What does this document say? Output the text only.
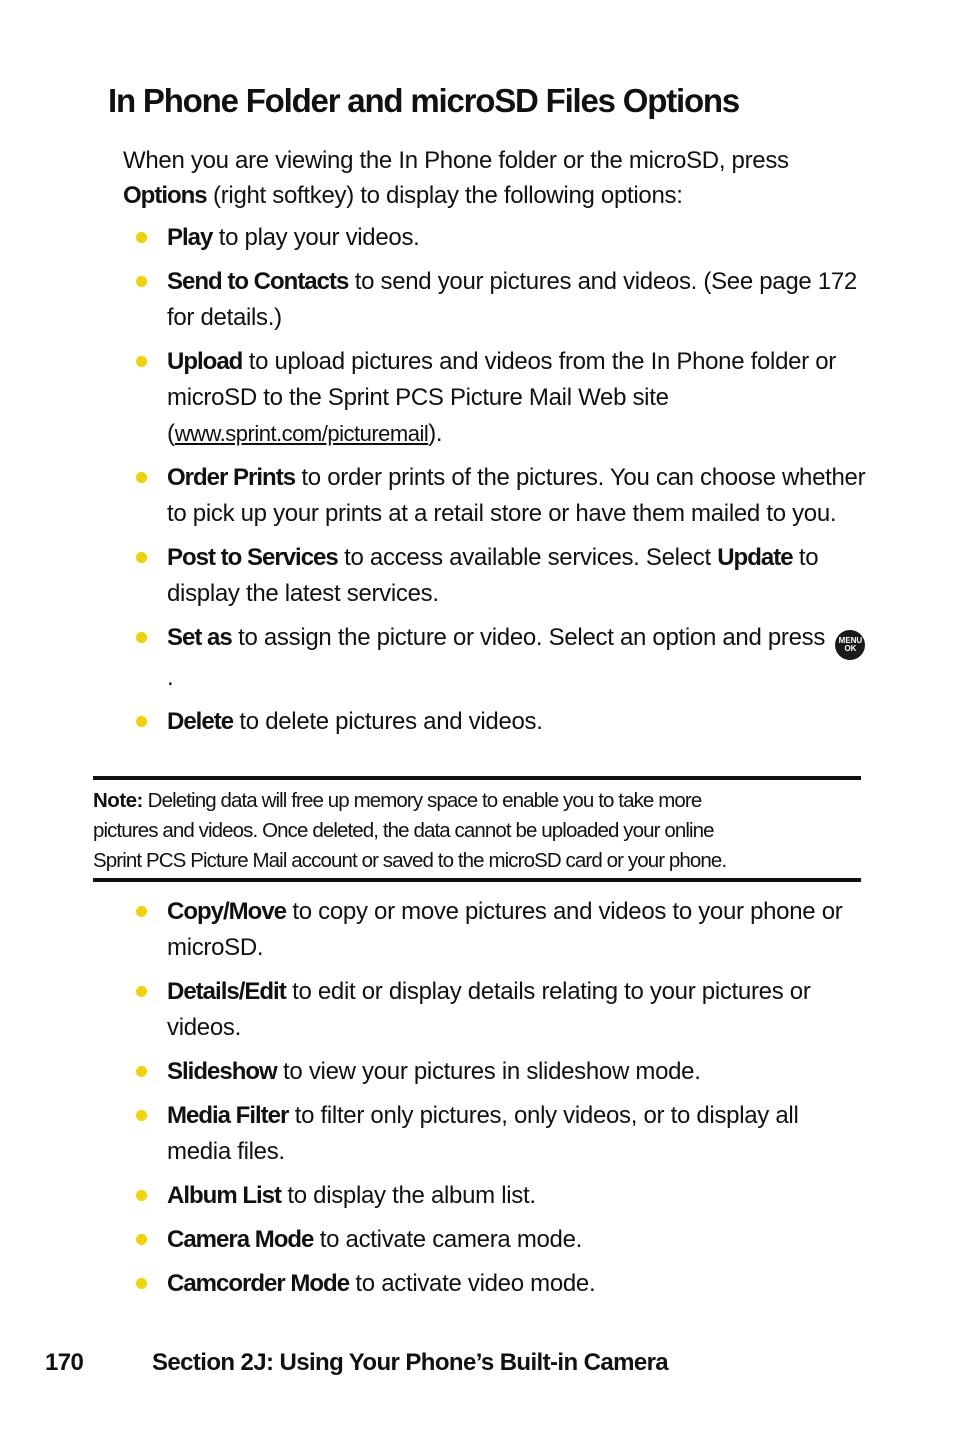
In Phone Folder and microSD Files Options

When you are viewing the In Phone folder or the microSD, press Options (right softkey) to display the following options:

Play to play your videos.
Send to Contacts to send your pictures and videos. (See page 172 for details.)
Upload to upload pictures and videos from the In Phone folder or microSD to the Sprint PCS Picture Mail Web site (www.sprint.com/picturemail).
Order Prints to order prints of the pictures. You can choose whether to pick up your prints at a retail store or have them mailed to you.
Post to Services to access available services. Select Update to display the latest services.
Set as to assign the picture or video. Select an option and press MENU
OK.
Delete to delete pictures and videos.
Note: Deleting data will free up memory space to enable you to take more
pictures and videos. Once deleted, the data cannot be uploaded your online
Sprint PCS Picture Mail account or saved to the microSD card or your phone.
Copy/Move to copy or move pictures and videos to your phone or microSD.
Details/Edit to edit or display details relating to your pictures or videos.
Slideshow to view your pictures in slideshow mode.
Media Filter to filter only pictures, only videos, or to display all media files.
Album List to display the album list.
Camera Mode to activate camera mode.
Camcorder Mode to activate video mode.
170	Section 2J: Using Your Phone’s Built-in Camera
